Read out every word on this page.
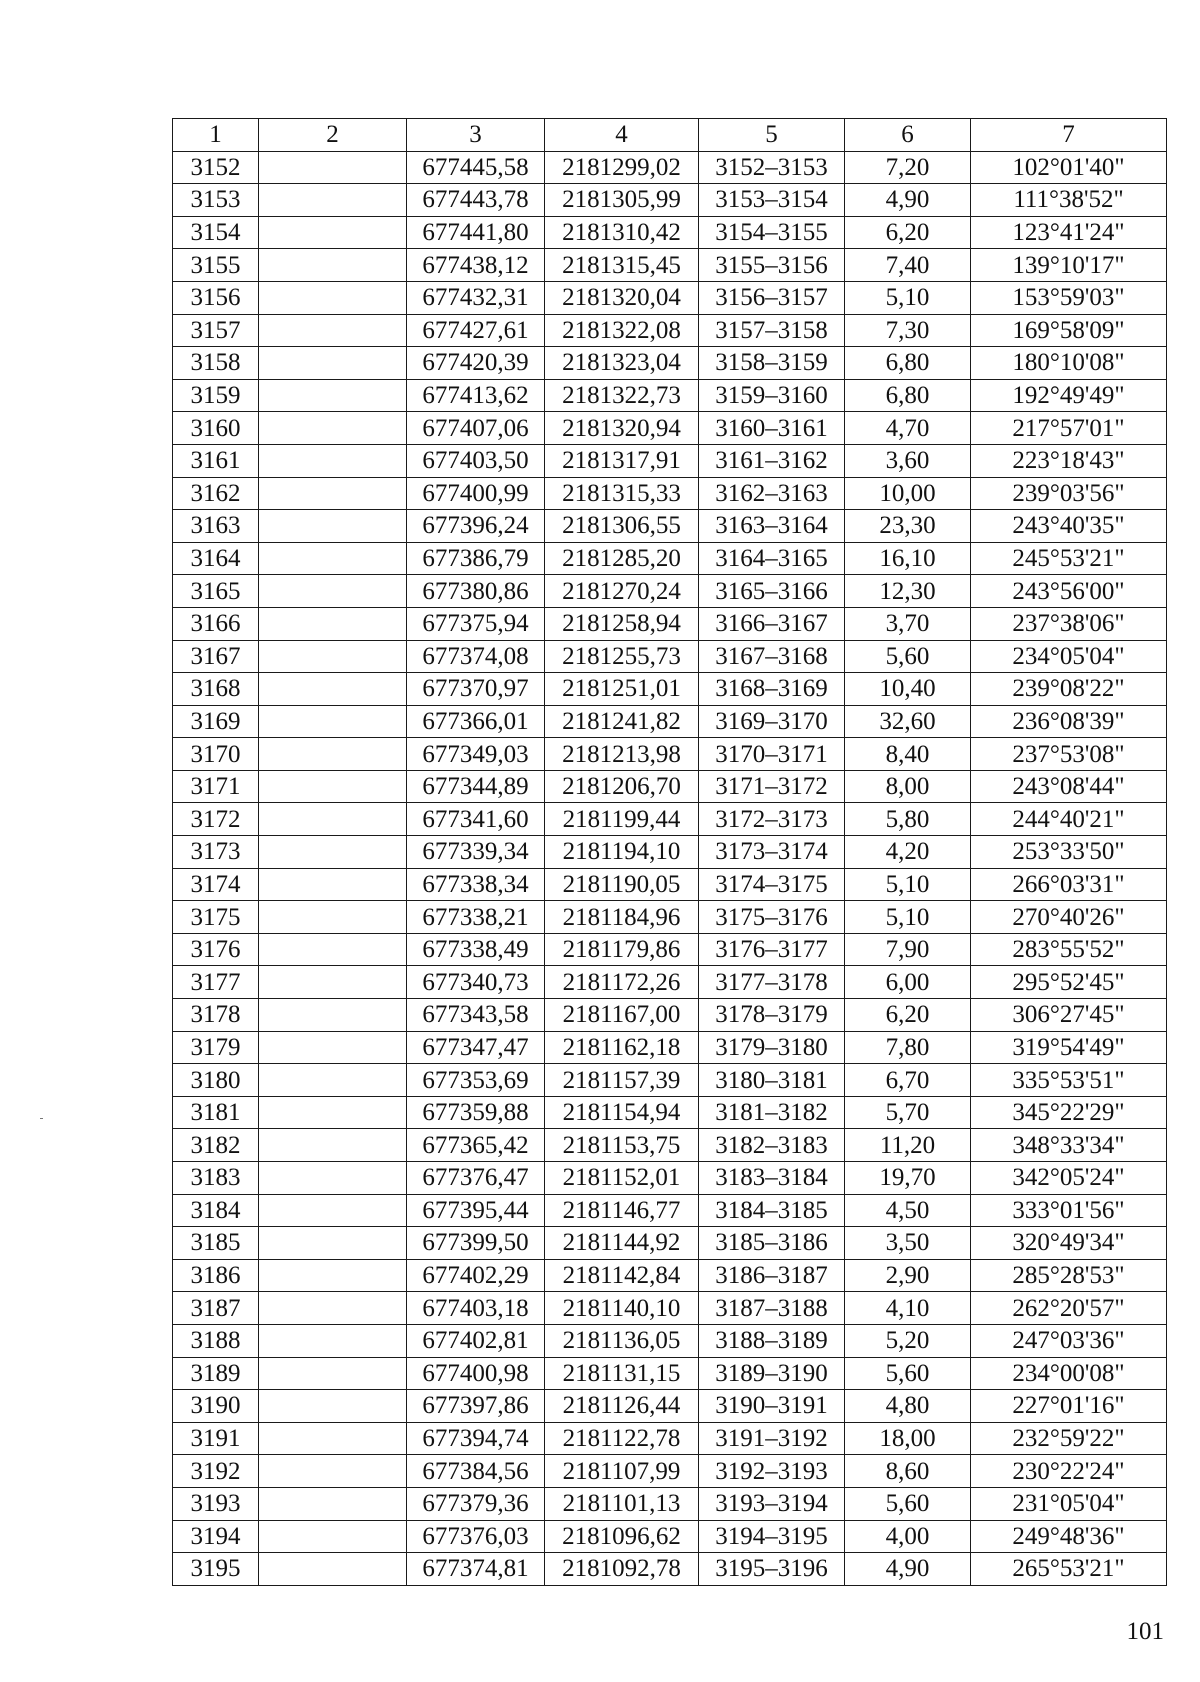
1	2	3	4	5	6	7
3152		677445,58	2181299,02	3152–3153	7,20	102°01'40"
3153		677443,78	2181305,99	3153–3154	4,90	111°38'52"
3154		677441,80	2181310,42	3154–3155	6,20	123°41'24"
3155		677438,12	2181315,45	3155–3156	7,40	139°10'17"
3156		677432,31	2181320,04	3156–3157	5,10	153°59'03"
3157		677427,61	2181322,08	3157–3158	7,30	169°58'09"
3158		677420,39	2181323,04	3158–3159	6,80	180°10'08"
3159		677413,62	2181322,73	3159–3160	6,80	192°49'49"
3160		677407,06	2181320,94	3160–3161	4,70	217°57'01"
3161		677403,50	2181317,91	3161–3162	3,60	223°18'43"
3162		677400,99	2181315,33	3162–3163	10,00	239°03'56"
3163		677396,24	2181306,55	3163–3164	23,30	243°40'35"
3164		677386,79	2181285,20	3164–3165	16,10	245°53'21"
3165		677380,86	2181270,24	3165–3166	12,30	243°56'00"
3166		677375,94	2181258,94	3166–3167	3,70	237°38'06"
3167		677374,08	2181255,73	3167–3168	5,60	234°05'04"
3168		677370,97	2181251,01	3168–3169	10,40	239°08'22"
3169		677366,01	2181241,82	3169–3170	32,60	236°08'39"
3170		677349,03	2181213,98	3170–3171	8,40	237°53'08"
3171		677344,89	2181206,70	3171–3172	8,00	243°08'44"
3172		677341,60	2181199,44	3172–3173	5,80	244°40'21"
3173		677339,34	2181194,10	3173–3174	4,20	253°33'50"
3174		677338,34	2181190,05	3174–3175	5,10	266°03'31"
3175		677338,21	2181184,96	3175–3176	5,10	270°40'26"
3176		677338,49	2181179,86	3176–3177	7,90	283°55'52"
3177		677340,73	2181172,26	3177–3178	6,00	295°52'45"
3178		677343,58	2181167,00	3178–3179	6,20	306°27'45"
3179		677347,47	2181162,18	3179–3180	7,80	319°54'49"
3180		677353,69	2181157,39	3180–3181	6,70	335°53'51"
3181		677359,88	2181154,94	3181–3182	5,70	345°22'29"
3182		677365,42	2181153,75	3182–3183	11,20	348°33'34"
3183		677376,47	2181152,01	3183–3184	19,70	342°05'24"
3184		677395,44	2181146,77	3184–3185	4,50	333°01'56"
3185		677399,50	2181144,92	3185–3186	3,50	320°49'34"
3186		677402,29	2181142,84	3186–3187	2,90	285°28'53"
3187		677403,18	2181140,10	3187–3188	4,10	262°20'57"
3188		677402,81	2181136,05	3188–3189	5,20	247°03'36"
3189		677400,98	2181131,15	3189–3190	5,60	234°00'08"
3190		677397,86	2181126,44	3190–3191	4,80	227°01'16"
3191		677394,74	2181122,78	3191–3192	18,00	232°59'22"
3192		677384,56	2181107,99	3192–3193	8,60	230°22'24"
3193		677379,36	2181101,13	3193–3194	5,60	231°05'04"
3194		677376,03	2181096,62	3194–3195	4,00	249°48'36"
3195		677374,81	2181092,78	3195–3196	4,90	265°53'21"
101
